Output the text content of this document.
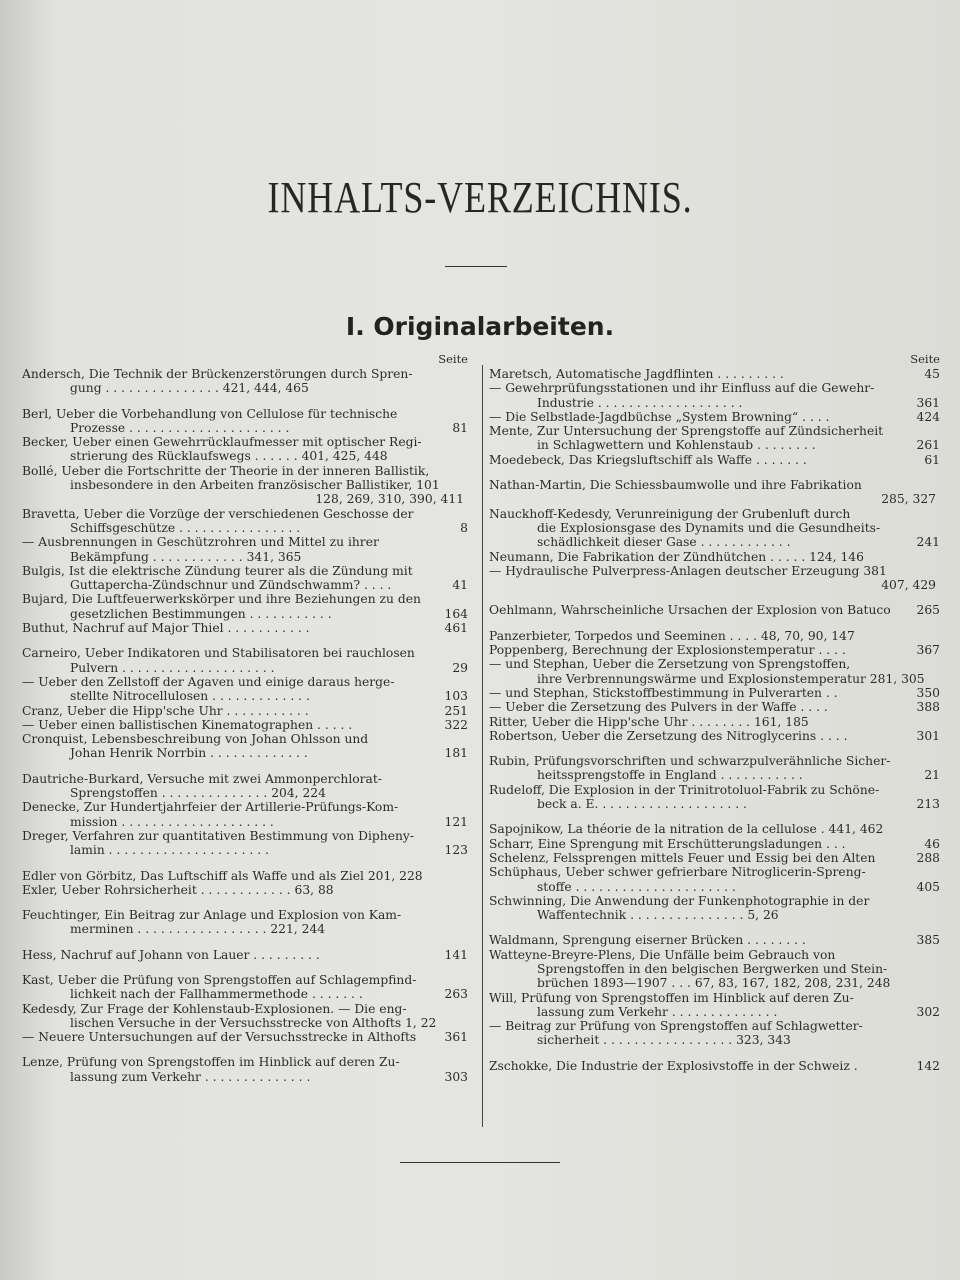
INHALTS-VERZEICHNIS.
I. Originalarbeiten.
Seite
Andersch, Die Technik der Brückenzerstörungen durch Spren-
gung . . . . . . . . . . . . . . . 421, 444, 465
Berl, Ueber die Vorbehandlung von Cellulose für technische
Prozesse . . . . . . . . . . . . . . . . . . . . .	81
Becker, Ueber einen Gewehrrücklaufmesser mit optischer Regi-
strierung des Rücklaufswegs . . . . . . 401, 425, 448
Bollé, Ueber die Fortschritte der Theorie in der inneren Ballistik,
insbesondere in den Arbeiten französischer Ballistiker, 101
128, 269, 310, 390, 411
Bravetta, Ueber die Vorzüge der verschiedenen Geschosse der
Schiffsgeschütze . . . . . . . . . . . . . . . .	8
— Ausbrennungen in Geschützrohren und Mittel zu ihrer
Bekämpfung . . . . . . . . . . . . 341, 365
Bulgis, Ist die elektrische Zündung teurer als die Zündung mit
Guttapercha-Zündschnur und Zündschwamm? . . . .	41
Bujard, Die Luftfeuerwerkskörper und ihre Beziehungen zu den
gesetzlichen Bestimmungen . . . . . . . . . . .	164
Buthut, Nachruf auf Major Thiel . . . . . . . . . . .	461
Carneiro, Ueber Indikatoren und Stabilisatoren bei rauchlosen
Pulvern . . . . . . . . . . . . . . . . . . . .	29
— Ueber den Zellstoff der Agaven und einige daraus herge-
stellte Nitrocellulosen . . . . . . . . . . . . .	103
Cranz, Ueber die Hipp'sche Uhr . . . . . . . . . . .	251
— Ueber einen ballistischen Kinematographen . . . . .	322
Cronquist, Lebensbeschreibung von Johan Ohlsson und
Johan Henrik Norrbin . . . . . . . . . . . . .	181
Dautriche-Burkard, Versuche mit zwei Ammonperchlorat-
Sprengstoffen . . . . . . . . . . . . . . 204, 224
Denecke, Zur Hundertjahrfeier der Artillerie-Prüfungs-Kom-
mission . . . . . . . . . . . . . . . . . . . .	121
Dreger, Verfahren zur quantitativen Bestimmung von Dipheny-
lamin . . . . . . . . . . . . . . . . . . . . .	123
Edler von Görbitz, Das Luftschiff als Waffe und als Ziel 201, 228
Exler, Ueber Rohrsicherheit . . . . . . . . . . . . 63, 88
Feuchtinger, Ein Beitrag zur Anlage und Explosion von Kam-
merminen . . . . . . . . . . . . . . . . . 221, 244
Hess, Nachruf auf Johann von Lauer . . . . . . . . .	141
Kast, Ueber die Prüfung von Sprengstoffen auf Schlagempfind-
lichkeit nach der Fallhammermethode . . . . . . .	263
Kedesdy, Zur Frage der Kohlenstaub-Explosionen. — Die eng-
lischen Versuche in der Versuchsstrecke von Althofts 1, 22
— Neuere Untersuchungen auf der Versuchsstrecke in Althofts	361
Lenze, Prüfung von Sprengstoffen im Hinblick auf deren Zu-
lassung zum Verkehr . . . . . . . . . . . . . .	303
Seite
Maretsch, Automatische Jagdflinten . . . . . . . . .	45
— Gewehrprüfungsstationen und ihr Einfluss auf die Gewehr-
Industrie . . . . . . . . . . . . . . . . . . .	361
— Die Selbstlade-Jagdbüchse „System Browning“ . . . .	424
Mente, Zur Untersuchung der Sprengstoffe auf Zündsicherheit
in Schlagwettern und Kohlenstaub . . . . . . . .	261
Moedebeck, Das Kriegsluftschiff als Waffe . . . . . . .	61
Nathan-Martin, Die Schiessbaumwolle und ihre Fabrikation
285, 327
Nauckhoff-Kedesdy, Verunreinigung der Grubenluft durch
die Explosionsgase des Dynamits und die Gesundheits-
schädlichkeit dieser Gase . . . . . . . . . . . .	241
Neumann, Die Fabrikation der Zündhütchen . . . . . 124, 146
— Hydraulische Pulverpress-Anlagen deutscher Erzeugung 381
407, 429
Oehlmann, Wahrscheinliche Ursachen der Explosion von Batuco	265
Panzerbieter, Torpedos und Seeminen . . . . 48, 70, 90, 147
Poppenberg, Berechnung der Explosionstemperatur . . . .	367
— und Stephan, Ueber die Zersetzung von Sprengstoffen,
ihre Verbrennungswärme und Explosionstemperatur 281, 305
— und Stephan, Stickstoffbestimmung in Pulverarten . .	350
— Ueber die Zersetzung des Pulvers in der Waffe . . . .	388
Ritter, Ueber die Hipp'sche Uhr . . . . . . . . 161, 185
Robertson, Ueber die Zersetzung des Nitroglycerins . . . .	301
Rubin, Prüfungsvorschriften und schwarzpulverähnliche Sicher-
heitssprengstoffe in England . . . . . . . . . . .	21
Rudeloff, Die Explosion in der Trinitrotoluol-Fabrik zu Schöne-
beck a. E. . . . . . . . . . . . . . . . . . . .	213
Sapojnikow, La théorie de la nitration de la cellulose . 441, 462
Scharr, Eine Sprengung mit Erschütterungsladungen . . .	46
Schelenz, Felssprengen mittels Feuer und Essig bei den Alten	288
Schüphaus, Ueber schwer gefrierbare Nitroglicerin-Spreng-
stoffe . . . . . . . . . . . . . . . . . . . . .	405
Schwinning, Die Anwendung der Funkenphotographie in der
Waffentechnik . . . . . . . . . . . . . . . 5, 26
Waldmann, Sprengung eiserner Brücken . . . . . . . .	385
Watteyne-Breyre-Plens, Die Unfälle beim Gebrauch von
Sprengstoffen in den belgischen Bergwerken und Stein-
brüchen 1893—1907 . . . 67, 83, 167, 182, 208, 231, 248
Will, Prüfung von Sprengstoffen im Hinblick auf deren Zu-
lassung zum Verkehr . . . . . . . . . . . . . .	302
— Beitrag zur Prüfung von Sprengstoffen auf Schlagwetter-
sicherheit . . . . . . . . . . . . . . . . . 323, 343
Zschokke, Die Industrie der Explosivstoffe in der Schweiz .	142
